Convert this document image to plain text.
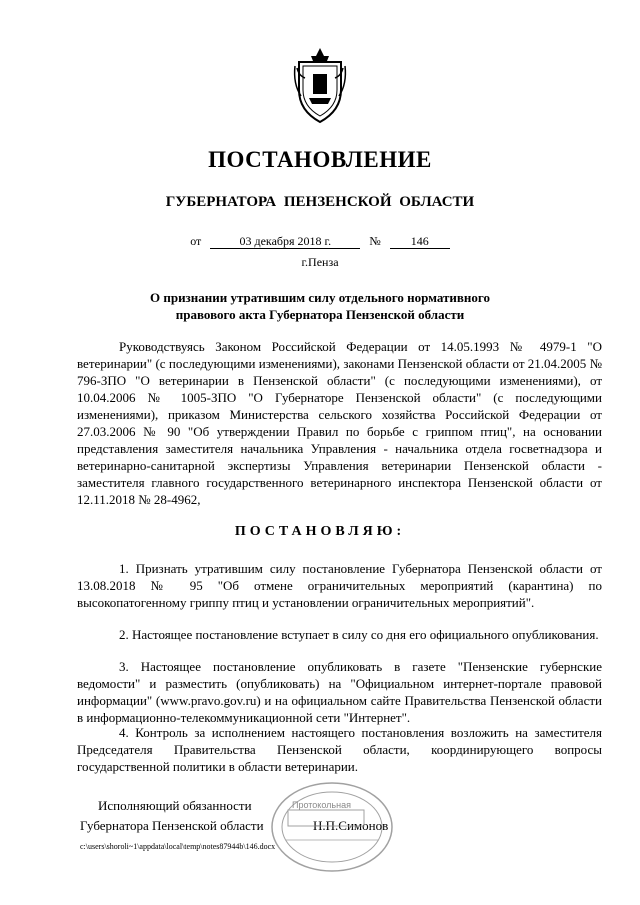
ПОСТАНОВЛЕНИЕ
ГУБЕРНАТОРА ПЕНЗЕНСКОЙ ОБЛАСТИ
от	03 декабря 2018 г.	№	146
г.Пенза
О признании утратившим силу отдельного нормативного правового акта Губернатора Пензенской области

Руководствуясь Законом Российской Федерации от 14.05.1993 № 4979-1 "О ветеринарии" (с последующими изменениями), законами Пензенской области от 21.04.2005 № 796-ЗПО "О ветеринарии в Пензенской области" (с последующими изменениями), от 10.04.2006 № 1005-ЗПО "О Губернаторе Пензенской области" (с последующими изменениями), приказом Министерства сельского хозяйства Российской Федерации от 27.03.2006 № 90 "Об утверждении Правил по борьбе с гриппом птиц", на основании представления заместителя начальника Управления - начальника отдела госветнадзора и ветеринарно-санитарной экспертизы Управления ветеринарии Пензенской области - заместителя главного государственного ветеринарного инспектора Пензенской области от 12.11.2018 № 28-4962,

ПОСТАНОВЛЯЮ:

1. Признать утратившим силу постановление Губернатора Пензенской области от 13.08.2018 № 95 "Об отмене ограничительных мероприятий (карантина) по высокопатогенному гриппу птиц и установлении ограничительных мероприятий".

2. Настоящее постановление вступает в силу со дня его официального опубликования.

3. Настоящее постановление опубликовать в газете "Пензенские губернские ведомости" и разместить (опубликовать) на "Официальном интернет-портале правовой информации" (www.pravo.gov.ru) и на официальном сайте Правительства Пензенской области в информационно-телекоммуникационной сети "Интернет".

4. Контроль за исполнением настоящего постановления возложить на заместителя Председателя Правительства Пензенской области, координирующего вопросы государственной политики в области ветеринарии.

Исполняющий обязанности
Губернатора Пензенской области	Н.П.Симонов
Протокольная
c:\users\shoroli~1\appdata\local\temp\notes87944b\146.docx
